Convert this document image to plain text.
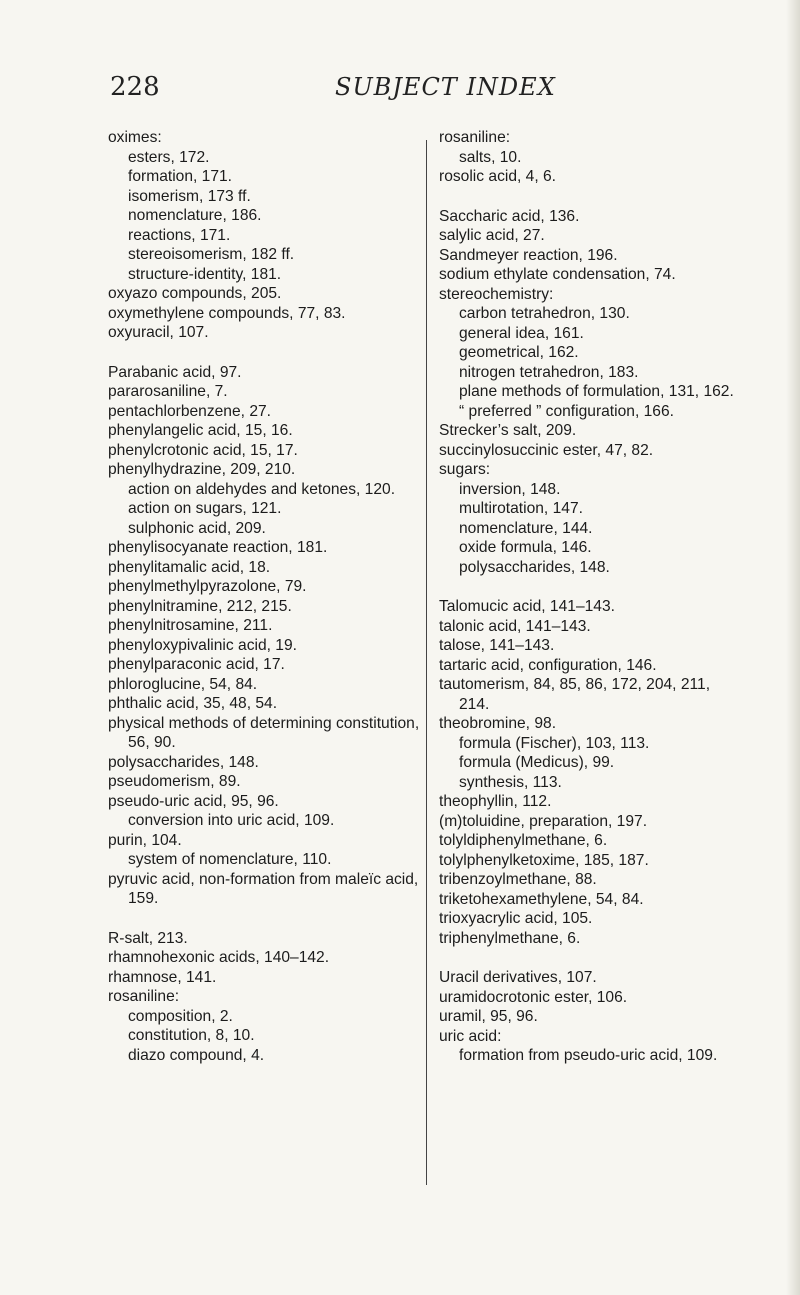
228	SUBJECT INDEX
oximes:
esters, 172.
formation, 171.
isomerism, 173 ff.
nomenclature, 186.
reactions, 171.
stereoisomerism, 182 ff.
structure-identity, 181.
oxyazo compounds, 205.
oxymethylene compounds, 77, 83.
oxyuracil, 107.
Parabanic acid, 97.
pararosaniline, 7.
pentachlorbenzene, 27.
phenylangelic acid, 15, 16.
phenylcrotonic acid, 15, 17.
phenylhydrazine, 209, 210.
action on aldehydes and ketones, 120.
action on sugars, 121.
sulphonic acid, 209.
phenylisocyanate reaction, 181.
phenylitamalic acid, 18.
phenylmethylpyrazolone, 79.
phenylnitramine, 212, 215.
phenylnitrosamine, 211.
phenyloxypivalinic acid, 19.
phenylparaconic acid, 17.
phloroglucine, 54, 84.
phthalic acid, 35, 48, 54.
physical methods of determining constitution, 56, 90.
polysaccharides, 148.
pseudomerism, 89.
pseudo-uric acid, 95, 96.
conversion into uric acid, 109.
purin, 104.
system of nomenclature, 110.
pyruvic acid, non-formation from maleïc acid, 159.
R-salt, 213.
rhamnohexonic acids, 140–142.
rhamnose, 141.
rosaniline:
composition, 2.
constitution, 8, 10.
diazo compound, 4.
rosaniline:
salts, 10.
rosolic acid, 4, 6.
Saccharic acid, 136.
salylic acid, 27.
Sandmeyer reaction, 196.
sodium ethylate condensation, 74.
stereochemistry:
carbon tetrahedron, 130.
general idea, 161.
geometrical, 162.
nitrogen tetrahedron, 183.
plane methods of formulation, 131, 162.
“ preferred ” configuration, 166.
Strecker’s salt, 209.
succinylosuccinic ester, 47, 82.
sugars:
inversion, 148.
multirotation, 147.
nomenclature, 144.
oxide formula, 146.
polysaccharides, 148.
Talomucic acid, 141–143.
talonic acid, 141–143.
talose, 141–143.
tartaric acid, configuration, 146.
tautomerism, 84, 85, 86, 172, 204, 211, 214.
theobromine, 98.
formula (Fischer), 103, 113.
formula (Medicus), 99.
synthesis, 113.
theophyllin, 112.
(m)toluidine, preparation, 197.
tolyldiphenylmethane, 6.
tolylphenylketoxime, 185, 187.
tribenzoylmethane, 88.
triketohexamethylene, 54, 84.
trioxyacrylic acid, 105.
triphenylmethane, 6.
Uracil derivatives, 107.
uramidocrotonic ester, 106.
uramil, 95, 96.
uric acid:
formation from pseudo-uric acid, 109.
